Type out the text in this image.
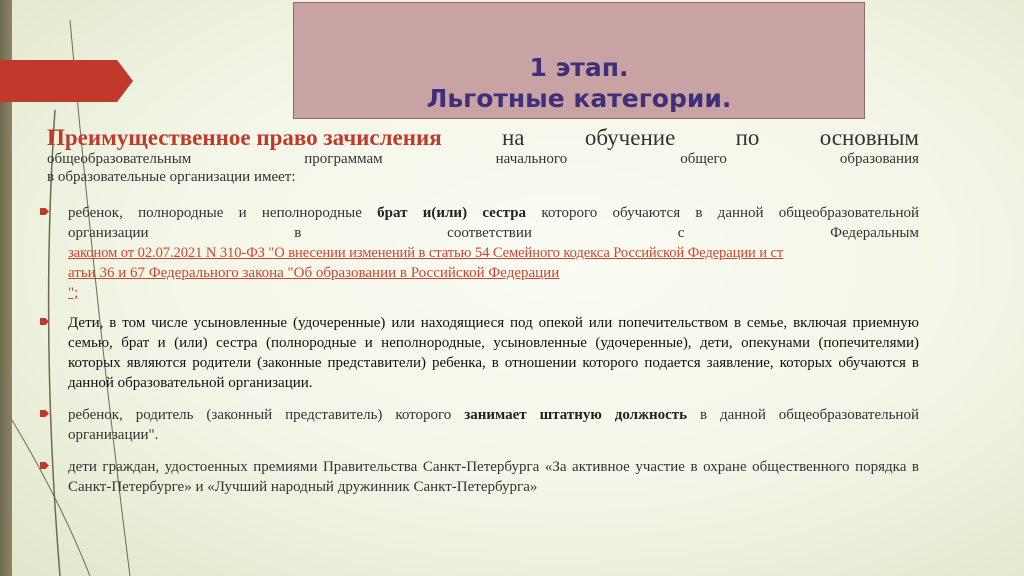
1 этап.
Льготные категории.
Преимущественное право зачисления	на	обучение	по	основным
общеобразовательным	программам	начального	общего	образования
в образовательные организации имеет:
ребенок, полнородные и неполнородные брат и(или) сестра которого обучаются в данной общеобразовательной
организации	в	соответствии	с	Федеральным
законом от 02.07.2021 N 310-ФЗ "О внесении изменений в статью 54 Семейного кодекса Российской Федерации и ст
атьи 36 и 67 Федерального закона "Об образовании в Российской Федерации
";
Дети, в том числе усыновленные (удочеренные) или находящиеся под опекой или попечительством в семье, включая приемную семью, брат и (или) сестра (полнородные и неполнородные, усыновленные (удочеренные), дети, опекунами (попечителями) которых являются родители (законные представители) ребенка, в отношении которого подается заявление, которых обучаются в данной образовательной организации.
ребенок, родитель (законный представитель) которого занимает штатную должность в данной общеобразовательной организации".
дети граждан, удостоенных премиями Правительства Санкт-Петербурга «За активное участие в охране общественного порядка в Санкт-Петербурге» и «Лучший народный дружинник Санкт-Петербурга»
